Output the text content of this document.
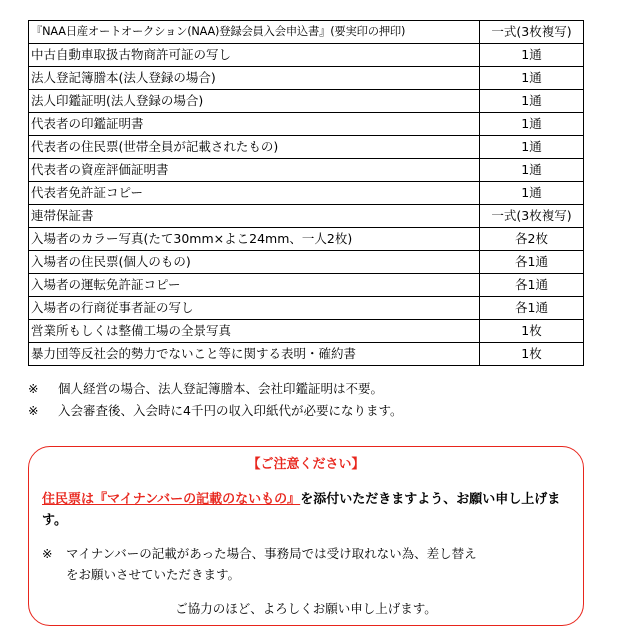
『NAA日産オートオークション(NAA)登録会員入会申込書』(要実印の押印)	一式(3枚複写)
中古自動車取扱古物商許可証の写し	1通
法人登記簿謄本(法人登録の場合)	1通
法人印鑑証明(法人登録の場合)	1通
代表者の印鑑証明書	1通
代表者の住民票(世帯全員が記載されたもの)	1通
代表者の資産評価証明書	1通
代表者免許証コピー	1通
連帯保証書	一式(3枚複写)
入場者のカラー写真(たて30mm×よこ24mm、一人2枚)	各2枚
入場者の住民票(個人のもの)	各1通
入場者の運転免許証コピー	各1通
入場者の行商従事者証の写し	各1通
営業所もしくは整備工場の全景写真	1枚
暴力団等反社会的勢力でないこと等に関する表明・確約書	1枚
※	個人経営の場合、法人登記簿謄本、会社印鑑証明は不要。
※	入会審査後、入会時に4千円の収入印紙代が必要になります。
【ご注意ください】
住民票は『マイナンバーの記載のないもの』を添付いただきますよう、お願い申し上げます。
※	マイナンバーの記載があった場合、事務局では受け取れない為、差し替え
をお願いさせていただきます。
ご協力のほど、よろしくお願い申し上げます。
